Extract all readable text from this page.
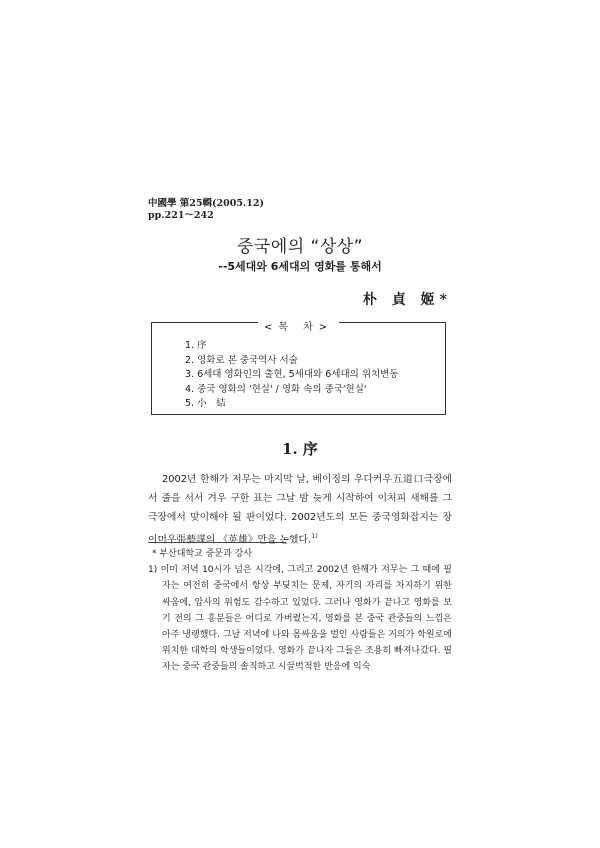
中國學 第25輯(2005.12)
pp.221～242
중국에의 “상상”
--5세대와 6세대의 영화를 통해서
朴 貞 姬*
<목 차>
1. 序
2. 영화로 본 중국역사 서술
3. 6세대 영화인의 출현, 5세대와 6세대의 위치변동
4. 중국 영화의 '현실' / 영화 속의 중국'현실'
5. 小　結
1. 序

2002년 한해가 저무는 마지막 날, 베이징의 우다커우五道口극장에서 줄을 서서 겨우 구한 표는 그날 밤 늦게 시작하여 이처피 새해를 그 극장에서 맞이해야 될 판이었다. 2002년도의 모든 중국영화잡지는 장이머우張藝謀의 《英雄》만을 논했다.$^{1)}$

* 부산대학교 중문과 강사

1) 이미 저녁 10시가 넘은 시각에, 그리고 2002년 한해가 저무는 그 때에 필자는 여전히 중국에서 항상 부딪치는 문제, 자기의 자리를 차지하기 위한 싸움에, 압사의 위험도 감수하고 있었다. 그러나 영화가 끝나고 영화를 보기 전의 그 흥분들은 어디로 가버렸는지, 영화를 본 중국 관중들의 느낌은 아주 냉랭했다. 그날 저녁에 나와 몸싸움을 벌인 사람들은 거의가 학원로에 위치한 대학의 학생들이었다. 영화가 끝나자 그들은 조용히 빠져나갔다. 필자는 중국 관중들의 솔직하고 시끌벅적한 반응에 익숙
